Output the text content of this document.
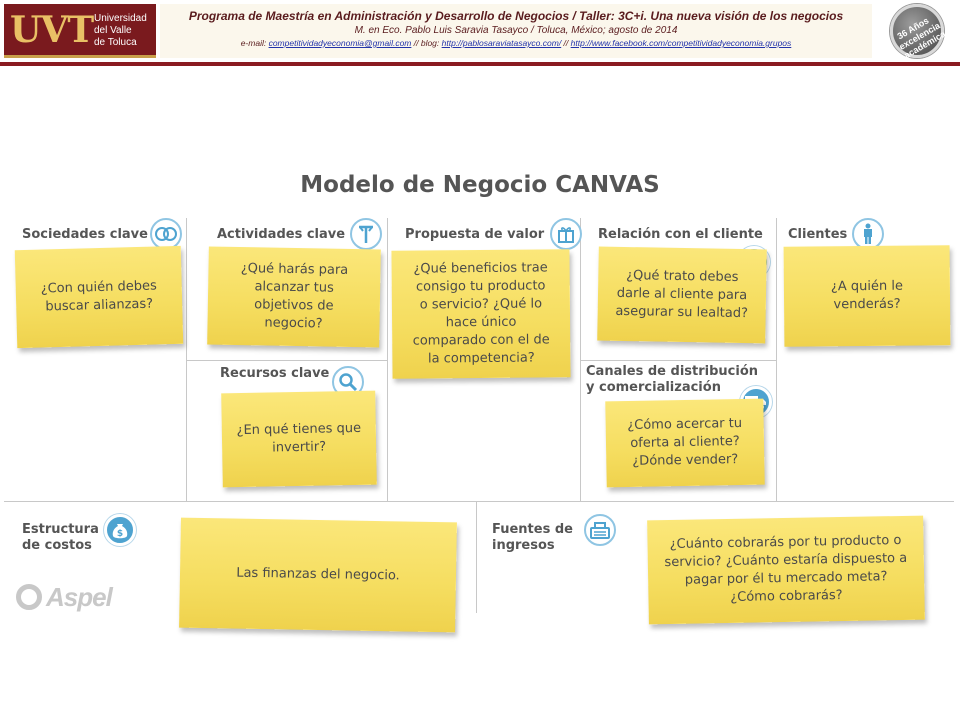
UVT Universidad
del Valle
de Toluca
Programa de Maestría en Administración y Desarrollo de Negocios / Taller: 3C+i. Una nueva visión de los negocios
M. en Eco. Pablo Luis Saravia Tasayco / Toluca, México; agosto de 2014
e-mail: competitividadyeconomia@gmail.com // blog: http://pablosaraviatasayco.com/ // http://www.facebook.com/competitividadyeconomia.grupos
36 Años
excelencia
académica
Modelo de Negocio CANVAS
Sociedades clave
¿Con quién debes
buscar alianzas?
Actividades clave
¿Qué harás para
alcanzar tus
objetivos de
negocio?
Recursos clave
¿En qué tienes que
invertir?
Propuesta de valor
¿Qué beneficios trae
consigo tu producto
o servicio? ¿Qué lo
hace único
comparado con el de
la competencia?
Relación con el cliente
¿Qué trato debes
darle al cliente para
asegurar su lealtad?
Canales de distribución
y comercialización
¿Cómo acercar tu
oferta al cliente?
¿Dónde vender?
Clientes
¿A quién le
venderás?
Estructura
de costos
$
Las finanzas del negocio.
Fuentes de
ingresos	¿Cuánto cobrarás por tu producto o
servicio? ¿Cuánto estaría dispuesto a
pagar por él tu mercado meta?
¿Cómo cobrarás?
Aspel
